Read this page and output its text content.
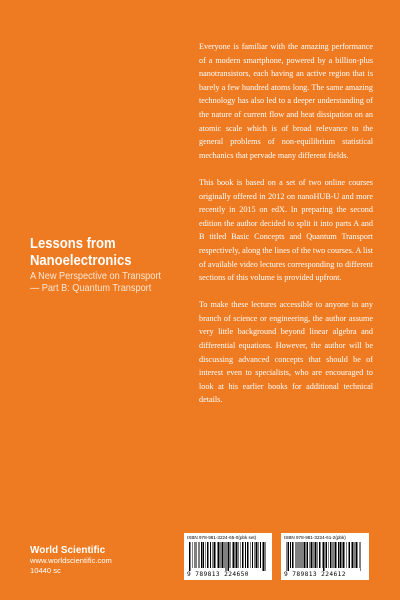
Lessons from
Nanoelectronics
A New Perspective on Transport
— Part B: Quantum Transport

Everyone is familiar with the amazing performance of a modern smartphone, powered by a billion-plus nanotransistors, each having an active region that is barely a few hundred atoms long. The same amazing technology has also led to a deeper understanding of the nature of current flow and heat dissipation on an atomic scale which is of broad relevance to the general problems of non-equilibrium statistical mechanics that pervade many different fields.

This book is based on a set of two online courses originally offered in 2012 on nanoHUB-U and more recently in 2015 on edX. In preparing the second edition the author decided to split it into parts A and B titled Basic Concepts and Quantum Transport respectively, along the lines of the two courses. A list of available video lectures corresponding to different sections of this volume is provided upfront.

To make these lectures accessible to anyone in any branch of science or engineering, the author assume very little background beyond linear algebra and differential equations. However, the author will be discussing advanced concepts that should be of interest even to specialists, who are encouraged to look at his earlier books for additional technical details.

World Scientific
www.worldscientific.com
10440 sc
ISBN 978-981-3224-65-0(pbk set)
9 789813 224650
ISBN 978-981-3224-61-2(pbk)
9 789813 224612
